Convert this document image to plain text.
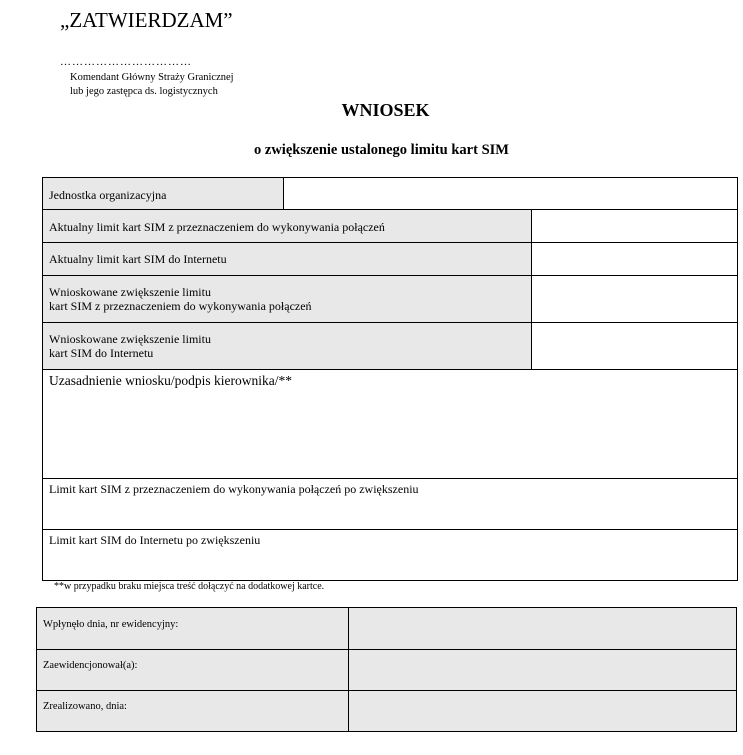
„ZATWIERDZAM”
……………………………
Komendant Główny Straży Granicznej
lub jego zastępca ds. logistycznych
WNIOSEK
o zwiększenie ustalonego limitu kart SIM
Jednostka organizacyjna
Aktualny limit kart SIM z przeznaczeniem do wykonywania połączeń
Aktualny limit kart SIM do Internetu
Wnioskowane zwiększenie limitu
kart SIM z przeznaczeniem do wykonywania połączeń
Wnioskowane zwiększenie limitu
kart SIM do Internetu
Uzasadnienie wniosku/podpis kierownika/**
Limit kart SIM z przeznaczeniem do wykonywania połączeń po zwiększeniu
Limit kart SIM do Internetu po zwiększeniu
**w przypadku braku miejsca treść dołączyć na dodatkowej kartce.
Wpłynęło dnia, nr ewidencyjny:
Zaewidencjonował(a):
Zrealizowano, dnia:
